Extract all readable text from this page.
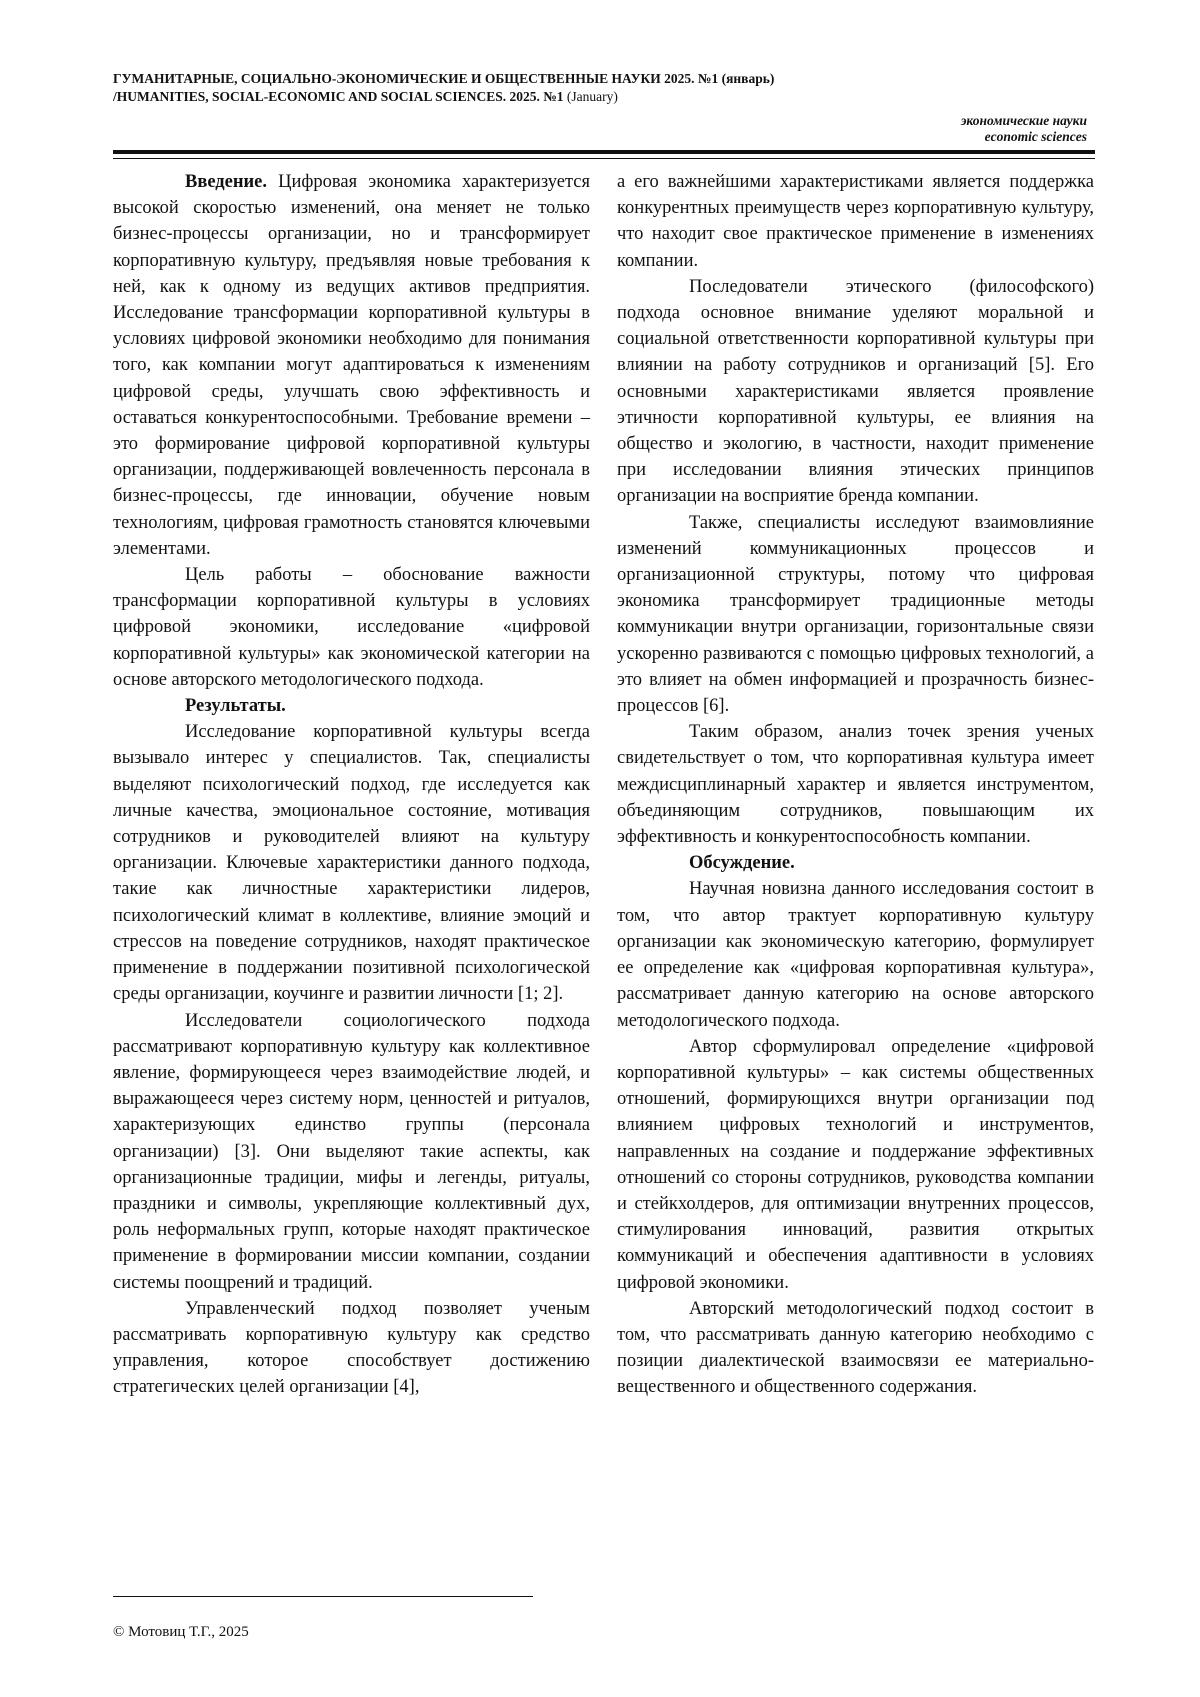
ГУМАНИТАРНЫЕ, СОЦИАЛЬНО-ЭКОНОМИЧЕСКИЕ И ОБЩЕСТВЕННЫЕ НАУКИ 2025. №1 (январь)
/HUMANITIES, SOCIAL-ECONOMIC AND SOCIAL SCIENCES. 2025. №1 (January)
экономические науки
economic sciences

Введение. Цифровая экономика характеризуется высокой скоростью изменений, она меняет не только бизнес-процессы организации, но и трансформирует корпоративную культуру, предъявляя новые требования к ней, как к одному из ведущих активов предприятия. Исследование трансформации корпоративной культуры в условиях цифровой экономики необходимо для понимания того, как компании могут адаптироваться к изменениям цифровой среды, улучшать свою эффективность и оставаться конкурентоспособными. Требование времени – это формирование цифровой корпоративной культуры организации, поддерживающей вовлеченность персонала в бизнес-процессы, где инновации, обучение новым технологиям, цифровая грамотность становятся ключевыми элементами.

Цель работы – обоснование важности трансформации корпоративной культуры в условиях цифровой экономики, исследование «цифровой корпоративной культуры» как экономической категории на основе авторского методологического подхода.

Результаты.

Исследование корпоративной культуры всегда вызывало интерес у специалистов. Так, специалисты выделяют психологический подход, где исследуется как личные качества, эмоциональное состояние, мотивация сотрудников и руководителей влияют на культуру организации. Ключевые характеристики данного подхода, такие как личностные характеристики лидеров, психологический климат в коллективе, влияние эмоций и стрессов на поведение сотрудников, находят практическое применение в поддержании позитивной психологической среды организации, коучинге и развитии личности [1; 2].

Исследователи социологического подхода рассматривают корпоративную культуру как коллективное явление, формирующееся через взаимодействие людей, и выражающееся через систему норм, ценностей и ритуалов, характеризующих единство группы (персонала организации) [3]. Они выделяют такие аспекты, как организационные традиции, мифы и легенды, ритуалы, праздники и символы, укрепляющие коллективный дух, роль неформальных групп, которые находят практическое применение в формировании миссии компании, создании системы поощрений и традиций.

Управленческий подход позволяет ученым рассматривать корпоративную культуру как средство управления, которое способствует достижению стратегических целей организации [4],

а его важнейшими характеристиками является поддержка конкурентных преимуществ через корпоративную культуру, что находит свое практическое применение в изменениях компании.

Последователи этического (философского) подхода основное внимание уделяют моральной и социальной ответственности корпоративной культуры при влиянии на работу сотрудников и организаций [5]. Его основными характеристиками является проявление этичности корпоративной культуры, ее влияния на общество и экологию, в частности, находит применение при исследовании влияния этических принципов организации на восприятие бренда компании.

Также, специалисты исследуют взаимовлияние изменений коммуникационных процессов и организационной структуры, потому что цифровая экономика трансформирует традиционные методы коммуникации внутри организации, горизонтальные связи ускоренно развиваются с помощью цифровых технологий, а это влияет на обмен информацией и прозрачность бизнес-процессов [6].

Таким образом, анализ точек зрения ученых свидетельствует о том, что корпоративная культура имеет междисциплинарный характер и является инструментом, объединяющим сотрудников, повышающим их эффективность и конкурентоспособность компании.

Обсуждение.

Научная новизна данного исследования состоит в том, что автор трактует корпоративную культуру организации как экономическую категорию, формулирует ее определение как «цифровая корпоративная культура», рассматривает данную категорию на основе авторского методологического подхода.

Автор сформулировал определение «цифровой корпоративной культуры» – как системы общественных отношений, формирующихся внутри организации под влиянием цифровых технологий и инструментов, направленных на создание и поддержание эффективных отношений со стороны сотрудников, руководства компании и стейкхолдеров, для оптимизации внутренних процессов, стимулирования инноваций, развития открытых коммуникаций и обеспечения адаптивности в условиях цифровой экономики.

Авторский методологический подход состоит в том, что рассматривать данную категорию необходимо с позиции диалектической взаимосвязи ее материально-вещественного и общественного содержания.

© Мотовиц Т.Г., 2025
